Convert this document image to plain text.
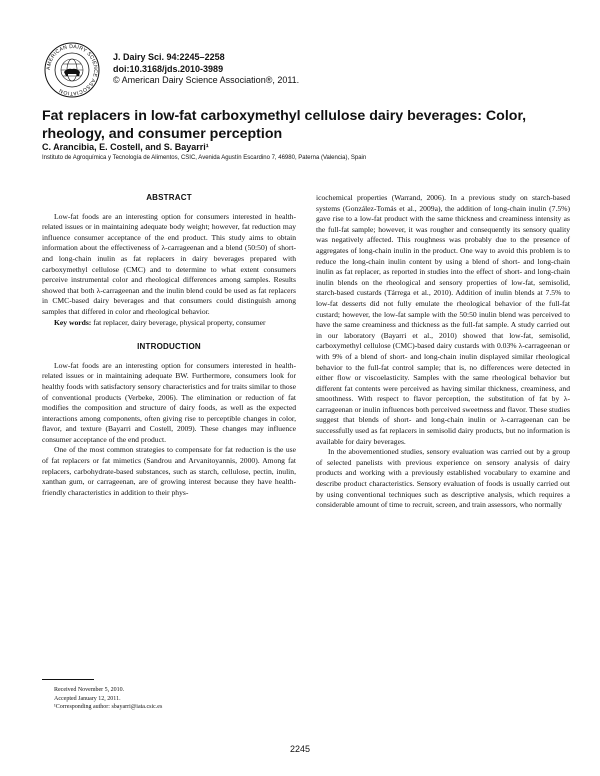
AMERICAN DAIRY SCIENCE ASSOCIATION
J. Dairy Sci. 94:2245–2258
doi:10.3168/jds.2010-3989
© American Dairy Science Association®, 2011.
Fat replacers in low-fat carboxymethyl cellulose dairy beverages: Color, rheology, and consumer perception

C. Arancibia, E. Costell, and S. Bayarri¹

Instituto de Agroquímica y Tecnología de Alimentos, CSIC, Avenida Agustín Escardino 7, 46980, Paterna (Valencia), Spain

ABSTRACT

Low-fat foods are an interesting option for consumers interested in health-related issues or in maintaining adequate body weight; however, fat reduction may influence consumer acceptance of the end product. This study aims to obtain information about the effectiveness of λ-carrageenan and a blend (50:50) of short- and long-chain inulin as fat replacers in dairy beverages prepared with carboxymethyl cellulose (CMC) and to determine to what extent consumers perceive instrumental color and rheological differences among samples. Results showed that both λ-carrageenan and the inulin blend could be used as fat replacers in CMC-based dairy beverages and that consumers could distinguish among samples that differed in color and rheological behavior.

Key words: fat replacer, dairy beverage, physical property, consumer

INTRODUCTION

Low-fat foods are an interesting option for consumers interested in health-related issues or in maintaining adequate BW. Furthermore, consumers look for healthy foods with satisfactory sensory characteristics and for traits similar to those of conventional products (Verbeke, 2006). The elimination or reduction of fat modifies the composition and structure of dairy foods, as well as the expected interactions among components, often giving rise to perceptible changes in color, flavor, and texture (Bayarri and Costell, 2009). These changes may influence consumer acceptance of the end product.

One of the most common strategies to compensate for fat reduction is the use of fat replacers or fat mimetics (Sandrou and Arvanitoyannis, 2000). Among fat replacers, carbohydrate-based substances, such as starch, cellulose, pectin, inulin, xanthan gum, or carrageenan, are of growing interest because they have health-friendly characteristics in addition to their phys-

icochemical properties (Warrand, 2006). In a previous study on starch-based systems (González-Tomás et al., 2009a), the addition of long-chain inulin (7.5%) gave rise to a low-fat product with the same thickness and creaminess intensity as the full-fat sample; however, it was rougher and consequently its sensory quality was negatively affected. This roughness was probably due to the presence of aggregates of long-chain inulin in the product. One way to avoid this problem is to reduce the long-chain inulin content by using a blend of short- and long-chain inulin as fat replacer, as reported in studies into the effect of short- and long-chain inulin blends on the rheological and sensory properties of low-fat, semisolid, starch-based custards (Tárrega et al., 2010). Addition of inulin blends at 7.5% to low-fat desserts did not fully emulate the rheological behavior of the full-fat custard; however, the low-fat sample with the 50:50 inulin blend was perceived to have the same creaminess and thickness as the full-fat sample. A study carried out in our laboratory (Bayarri et al., 2010) showed that low-fat, semisolid, carboxymethyl cellulose (CMC)-based dairy custards with 0.03% λ-carrageenan or with 9% of a blend of short- and long-chain inulin displayed similar rheological behavior to the full-fat control sample; that is, no differences were detected in either flow or viscoelasticity. Samples with the same rheological behavior but different fat contents were perceived as having similar thickness, creaminess, and smoothness. With respect to flavor perception, the substitution of fat by λ-carrageenan or inulin influences both perceived sweetness and flavor. These studies suggest that blends of short- and long-chain inulin or λ-carrageenan can be successfully used as fat replacers in semisolid dairy products, but no information is available for dairy beverages.

In the abovementioned studies, sensory evaluation was carried out by a group of selected panelists with previous experience on sensory analysis of dairy products and working with a previously established vocabulary to examine and describe product characteristics. Sensory evaluation of foods is usually carried out by using conventional techniques such as descriptive analysis, which requires a considerable amount of time to recruit, screen, and train assessors, who normally

Received November 5, 2010.

Accepted January 12, 2011.

¹Corresponding author: sbayarri@iata.csic.es

2245
